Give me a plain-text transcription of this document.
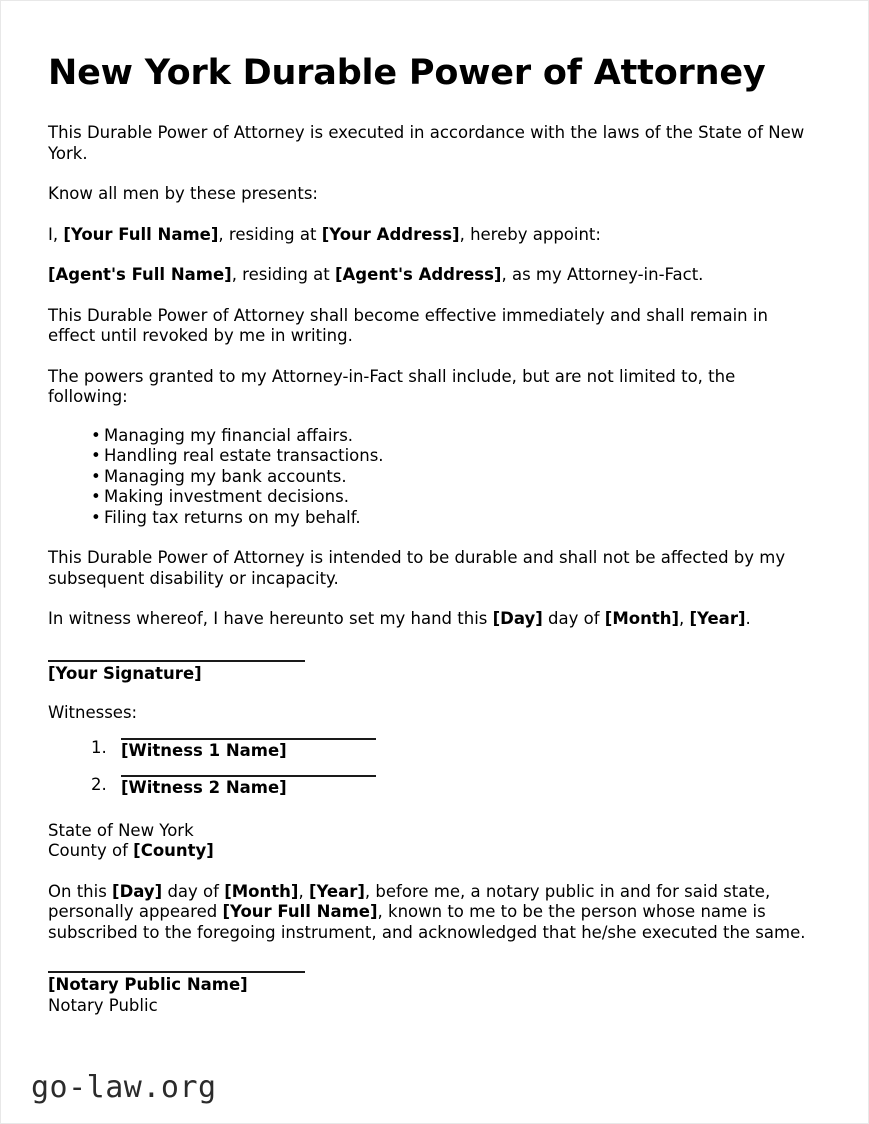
New York Durable Power of Attorney

This Durable Power of Attorney is executed in accordance with the laws of the State of New York.

Know all men by these presents:

I, [Your Full Name], residing at [Your Address], hereby appoint:

[Agent's Full Name], residing at [Agent's Address], as my Attorney-in-Fact.

This Durable Power of Attorney shall become effective immediately and shall remain in effect until revoked by me in writing.

The powers granted to my Attorney-in-Fact shall include, but are not limited to, the following:

• Managing my financial affairs.
• Handling real estate transactions.
• Managing my bank accounts.
• Making investment decisions.
• Filing tax returns on my behalf.

This Durable Power of Attorney is intended to be durable and shall not be affected by my subsequent disability or incapacity.

In witness whereof, I have hereunto set my hand this [Day] day of [Month], [Year].

[Your Signature]

Witnesses:

[Witness 1 Name]
[Witness 2 Name]
State of New York
County of [County]

On this [Day] day of [Month], [Year], before me, a notary public in and for said state, personally appeared [Your Full Name], known to me to be the person whose name is subscribed to the foregoing instrument, and acknowledged that he/she executed the same.

[Notary Public Name]
Notary Public
go-law.org
